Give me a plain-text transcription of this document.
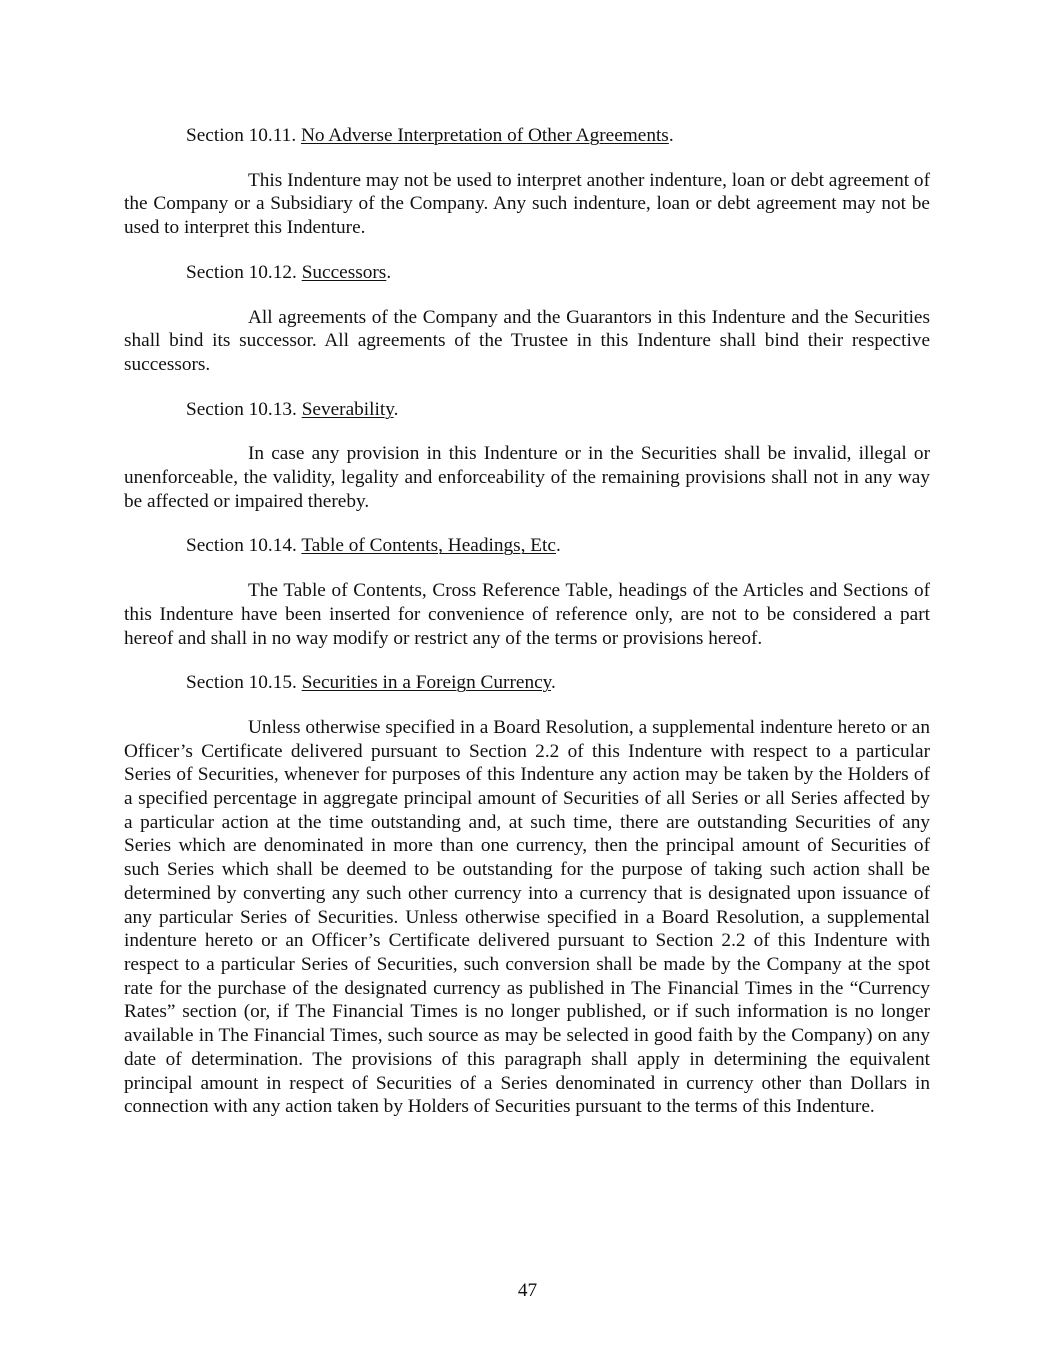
Section 10.11. No Adverse Interpretation of Other Agreements.

This Indenture may not be used to interpret another indenture, loan or debt agreement of the Company or a Subsidiary of the Company. Any such indenture, loan or debt agreement may not be used to interpret this Indenture.

Section 10.12. Successors.

All agreements of the Company and the Guarantors in this Indenture and the Securities shall bind its successor. All agreements of the Trustee in this Indenture shall bind their respective successors.

Section 10.13. Severability.

In case any provision in this Indenture or in the Securities shall be invalid, illegal or unenforceable, the validity, legality and enforceability of the remaining provisions shall not in any way be affected or impaired thereby.

Section 10.14. Table of Contents, Headings, Etc.

The Table of Contents, Cross Reference Table, headings of the Articles and Sections of this Indenture have been inserted for convenience of reference only, are not to be considered a part hereof and shall in no way modify or restrict any of the terms or provisions hereof.

Section 10.15. Securities in a Foreign Currency.

Unless otherwise specified in a Board Resolution, a supplemental indenture hereto or an Officer’s Certificate delivered pursuant to Section 2.2 of this Indenture with respect to a particular Series of Securities, whenever for purposes of this Indenture any action may be taken by the Holders of a specified percentage in aggregate principal amount of Securities of all Series or all Series affected by a particular action at the time outstanding and, at such time, there are outstanding Securities of any Series which are denominated in more than one currency, then the principal amount of Securities of such Series which shall be deemed to be outstanding for the purpose of taking such action shall be determined by converting any such other currency into a currency that is designated upon issuance of any particular Series of Securities. Unless otherwise specified in a Board Resolution, a supplemental indenture hereto or an Officer’s Certificate delivered pursuant to Section 2.2 of this Indenture with respect to a particular Series of Securities, such conversion shall be made by the Company at the spot rate for the purchase of the designated currency as published in The Financial Times in the “Currency Rates” section (or, if The Financial Times is no longer published, or if such information is no longer available in The Financial Times, such source as may be selected in good faith by the Company) on any date of determination. The provisions of this paragraph shall apply in determining the equivalent principal amount in respect of Securities of a Series denominated in currency other than Dollars in connection with any action taken by Holders of Securities pursuant to the terms of this Indenture.

47
